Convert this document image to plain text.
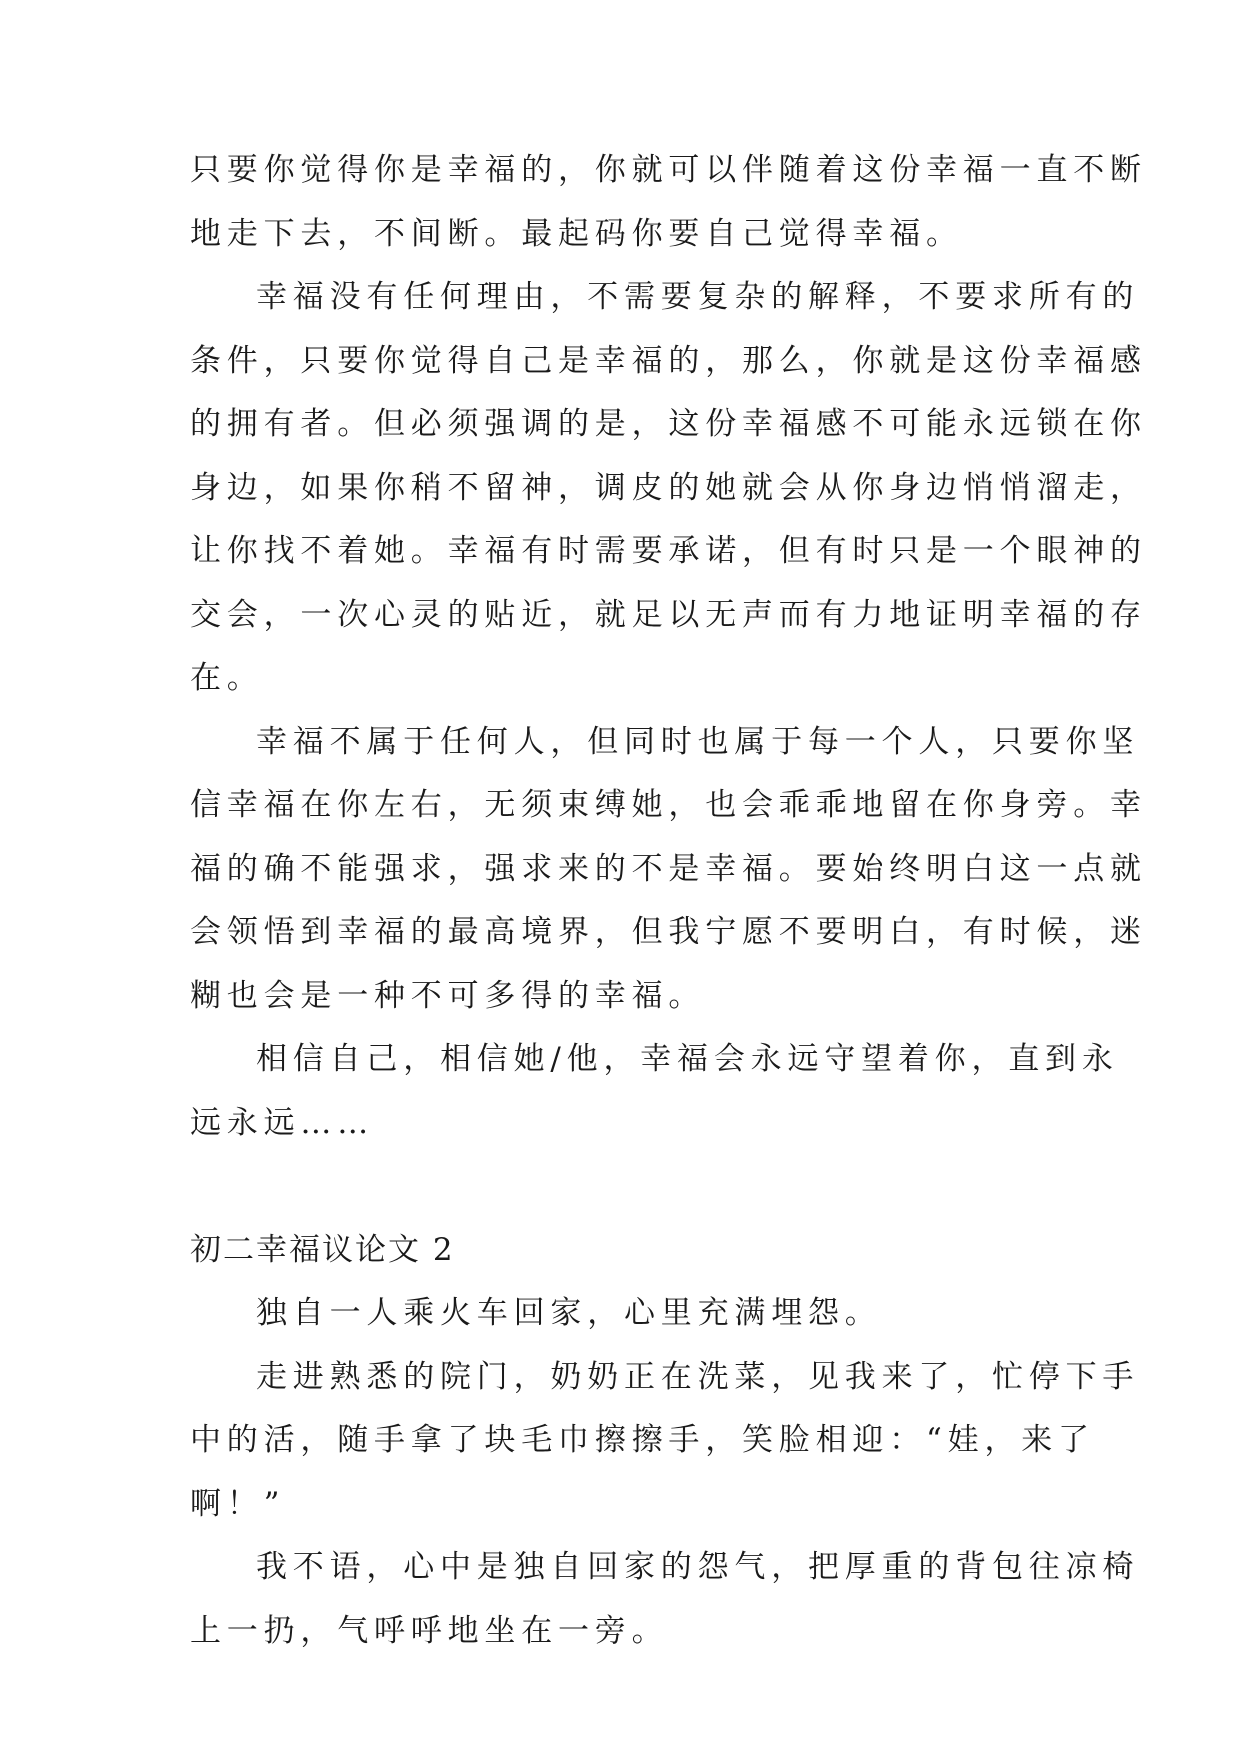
只要你觉得你是幸福的，你就可以伴随着这份幸福一直不断
地走下去，不间断。最起码你要自己觉得幸福。
幸福没有任何理由，不需要复杂的解释，不要求所有的
条件，只要你觉得自己是幸福的，那么，你就是这份幸福感
的拥有者。但必须强调的是，这份幸福感不可能永远锁在你
身边，如果你稍不留神，调皮的她就会从你身边悄悄溜走，
让你找不着她。幸福有时需要承诺，但有时只是一个眼神的
交会，一次心灵的贴近，就足以无声而有力地证明幸福的存
在。
幸福不属于任何人，但同时也属于每一个人，只要你坚
信幸福在你左右，无须束缚她，也会乖乖地留在你身旁。幸
福的确不能强求，强求来的不是幸福。要始终明白这一点就
会领悟到幸福的最高境界，但我宁愿不要明白，有时候，迷
糊也会是一种不可多得的幸福。
相信自己，相信她/他，幸福会永远守望着你，直到永
远永远……
初二幸福议论文 2
独自一人乘火车回家，心里充满埋怨。
走进熟悉的院门，奶奶正在洗菜，见我来了，忙停下手
中的活，随手拿了块毛巾擦擦手，笑脸相迎：“娃，来了
啊！”
我不语，心中是独自回家的怨气，把厚重的背包往凉椅
上一扔，气呼呼地坐在一旁。
